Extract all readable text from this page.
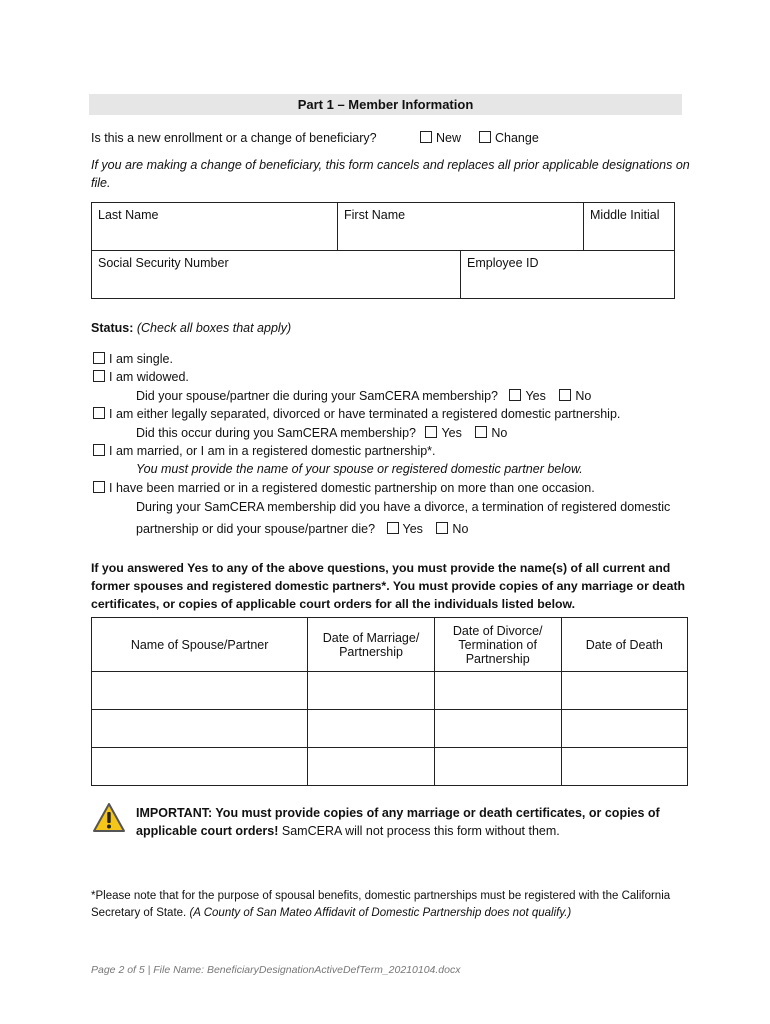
Part 1 – Member Information
Is this a new enrollment or a change of beneficiary?	New	Change
If you are making a change of beneficiary, this form cancels and replaces all prior applicable designations on file.
Last Name	First Name		Middle Initial
Social Security Number		Employee ID	
Status: (Check all boxes that apply)
I am single.
I am widowed.
Did your spouse/partner die during your SamCERA membership? Yes No
I am either legally separated, divorced or have terminated a registered domestic partnership.
Did this occur during you SamCERA membership? Yes No
I am married, or I am in a registered domestic partnership*.
You must provide the name of your spouse or registered domestic partner below.
I have been married or in a registered domestic partnership on more than one occasion.
During your SamCERA membership did you have a divorce, a termination of registered domestic
partnership or did your spouse/partner die? Yes No
If you answered Yes to any of the above questions, you must provide the name(s) of all current and former spouses and registered domestic partners*. You must provide copies of any marriage or death certificates, or copies of applicable court orders for all the individuals listed below.
Name of Spouse/Partner	Date of Marriage/ Partnership	Date of Divorce/ Termination of Partnership	Date of Death

IMPORTANT: You must provide copies of any marriage or death certificates, or copies of applicable court orders! SamCERA will not process this form without them.
*Please note that for the purpose of spousal benefits, domestic partnerships must be registered with the California Secretary of State. (A County of San Mateo Affidavit of Domestic Partnership does not qualify.)
Page 2 of 5 | File Name: BeneficiaryDesignationActiveDefTerm_20210104.docx
